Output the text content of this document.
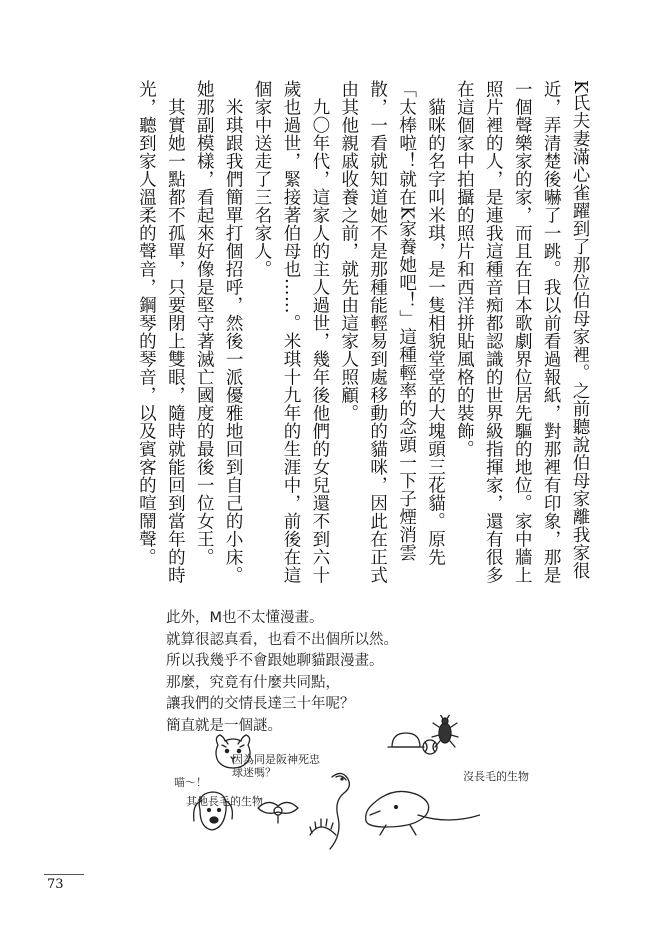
K氏夫妻滿心雀躍到了那位伯母家裡。之前聽說伯母家離我家很近，弄清楚後嚇了一跳。我以前看過報紙，對那裡有印象，那是一個聲樂家的家，而且在日本歌劇界位居先驅的地位。家中牆上照片裡的人，是連我這種音痴都認識的世界級指揮家，還有很多在這個家中拍攝的照片和西洋拼貼風格的裝飾。

貓咪的名字叫米琪，是一隻相貌堂堂的大塊頭三花貓。原先「太棒啦！就在K家養她吧！」這種輕率的念頭一下子煙消雲散，一看就知道她不是那種能輕易到處移動的貓咪，因此在正式由其他親戚收養之前，就先由這家人照顧。

九〇年代，這家人的主人過世，幾年後他們的女兒還不到六十歲也過世，緊接著伯母也……。米琪十九年的生涯中，前後在這個家中送走了三名家人。

米琪跟我們簡單打個招呼，然後一派優雅地回到自己的小床。她那副模樣，看起來好像是堅守著滅亡國度的最後一位女王。

其實她一點都不孤單，只要閉上雙眼，隨時就能回到當年的時光，聽到家人溫柔的聲音，鋼琴的琴音，以及賓客的喧鬧聲。

此外，M也不太懂漫畫。
就算很認真看，也看不出個所以然。
所以我幾乎不會跟她聊貓跟漫畫。
那麼，究竟有什麼共同點，
讓我們的交情長達三十年呢？
簡直就是一個謎。
因為同是阪神死忠球迷嗎？
喵～！
其他長毛的生物
沒長毛的生物
73
